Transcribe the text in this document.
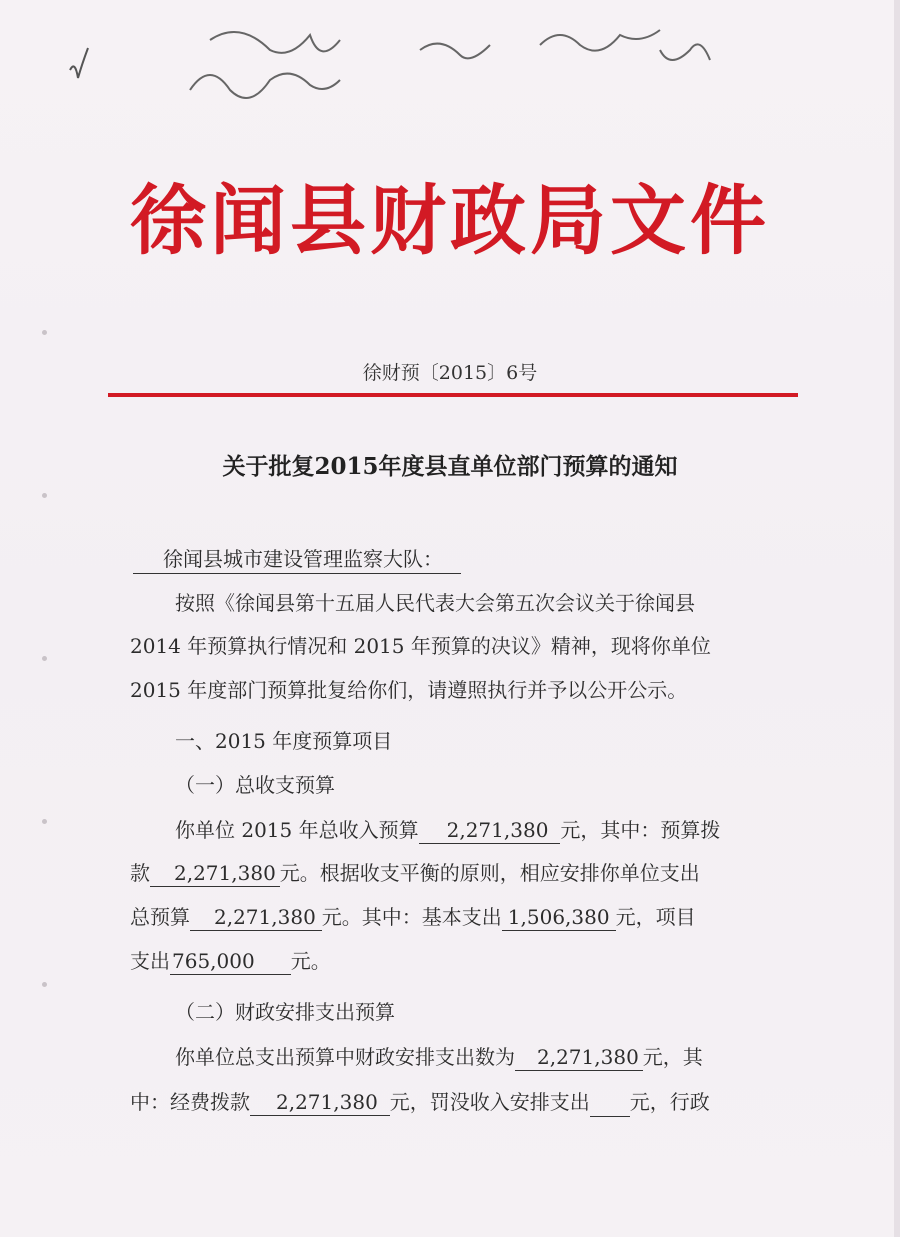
徐闻县财政局文件
徐财预〔2015〕6号
关于批复2015年度县直单位部门预算的通知
徐闻县城市建设管理监察大队：
按照《徐闻县第十五届人民代表大会第五次会议关于徐闻县
2014 年预算执行情况和 2015 年预算的决议》精神，现将你单位
2015 年度部门预算批复给你们，请遵照执行并予以公开公示。
一、2015 年度预算项目
（一）总收支预算
你单位 2015 年总收入预算 2,271,380 元，其中：预算拨
款 2,271,380 元。根据收支平衡的原则，相应安排你单位支出
总预算 2,271,380 元。其中：基本支出 1,506,380 元，项目
支出 765,000 元。
（二）财政安排支出预算
你单位总支出预算中财政安排支出数为 2,271,380 元，其
中：经费拨款 2,271,380 元，罚没收入安排支出 元，行政
